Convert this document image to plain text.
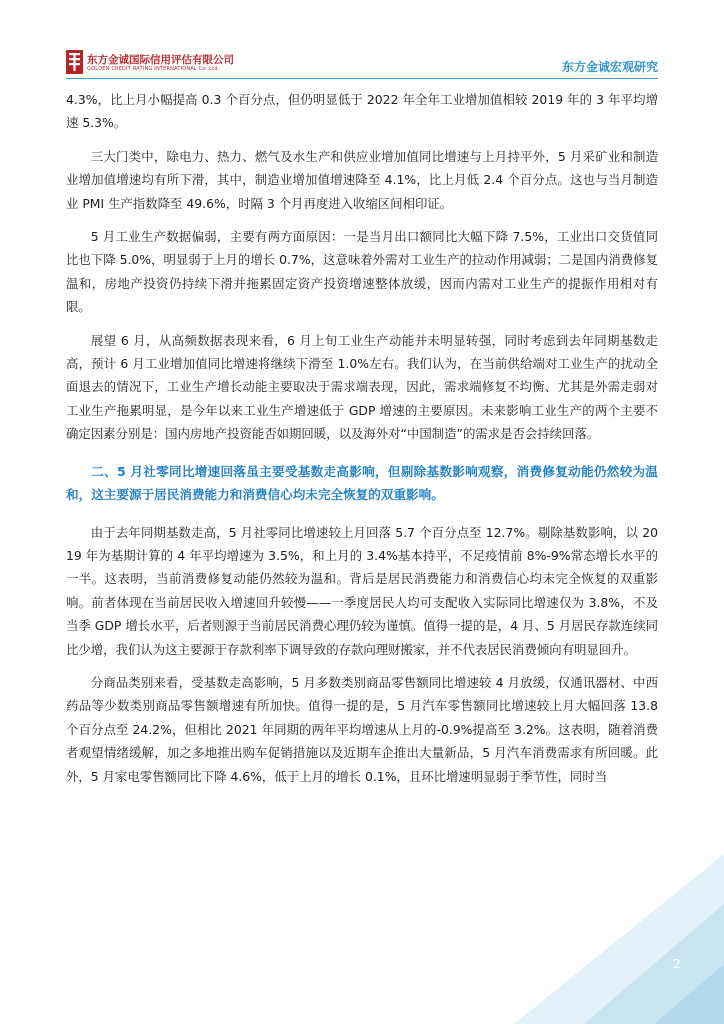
东方金诚国际信用评估有限公司
GOLDEN CREDIT RATING INTERNATIONAL Co.,Ltd.	东方金诚宏观研究

4.3%，比上月小幅提高 0.3 个百分点，但仍明显低于 2022 年全年工业增加值相较 2019 年的 3 年平均增速 5.3%。

三大门类中，除电力、热力、燃气及水生产和供应业增加值同比增速与上月持平外，5 月采矿业和制造业增加值增速均有所下滑，其中，制造业增加值增速降至 4.1%，比上月低 2.4 个百分点。这也与当月制造业 PMI 生产指数降至 49.6%，时隔 3 个月再度进入收缩区间相印证。

5 月工业生产数据偏弱，主要有两方面原因：一是当月出口额同比大幅下降 7.5%，工业出口交货值同比也下降 5.0%，明显弱于上月的增长 0.7%，这意味着外需对工业生产的拉动作用减弱；二是国内消费修复温和，房地产投资仍持续下滑并拖累固定资产投资增速整体放缓，因而内需对工业生产的提振作用相对有限。

展望 6 月，从高频数据表现来看，6 月上旬工业生产动能并未明显转强，同时考虑到去年同期基数走高，预计 6 月工业增加值同比增速将继续下滑至 1.0%左右。我们认为，在当前供给端对工业生产的扰动全面退去的情况下，工业生产增长动能主要取决于需求端表现，因此，需求端修复不均衡、尤其是外需走弱对工业生产拖累明显，是今年以来工业生产增速低于 GDP 增速的主要原因。未来影响工业生产的两个主要不确定因素分别是：国内房地产投资能否如期回暖，以及海外对“中国制造”的需求是否会持续回落。

二、5 月社零同比增速回落虽主要受基数走高影响，但剔除基数影响观察，消费修复动能仍然较为温和，这主要源于居民消费能力和消费信心均未完全恢复的双重影响。

由于去年同期基数走高，5 月社零同比增速较上月回落 5.7 个百分点至 12.7%。剔除基数影响，以 2019 年为基期计算的 4 年平均增速为 3.5%，和上月的 3.4%基本持平，不足疫情前 8%-9%常态增长水平的一半。这表明，当前消费修复动能仍然较为温和。背后是居民消费能力和消费信心均未完全恢复的双重影响。前者体现在当前居民收入增速回升较慢——一季度居民人均可支配收入实际同比增速仅为 3.8%，不及当季 GDP 增长水平，后者则源于当前居民消费心理仍较为谨慎。值得一提的是，4 月、5 月居民存款连续同比少增，我们认为这主要源于存款利率下调导致的存款向理财搬家，并不代表居民消费倾向有明显回升。

分商品类别来看，受基数走高影响，5 月多数类别商品零售额同比增速较 4 月放缓，仅通讯器材、中西药品等少数类别商品零售额增速有所加快。值得一提的是，5 月汽车零售额同比增速较上月大幅回落 13.8 个百分点至 24.2%，但相比 2021 年同期的两年平均增速从上月的-0.9%提高至 3.2%。这表明，随着消费者观望情绪缓解，加之多地推出购车促销措施以及近期车企推出大量新品，5 月汽车消费需求有所回暖。此外，5 月家电零售额同比下降 4.6%，低于上月的增长 0.1%，且环比增速明显弱于季节性，同时当

2
